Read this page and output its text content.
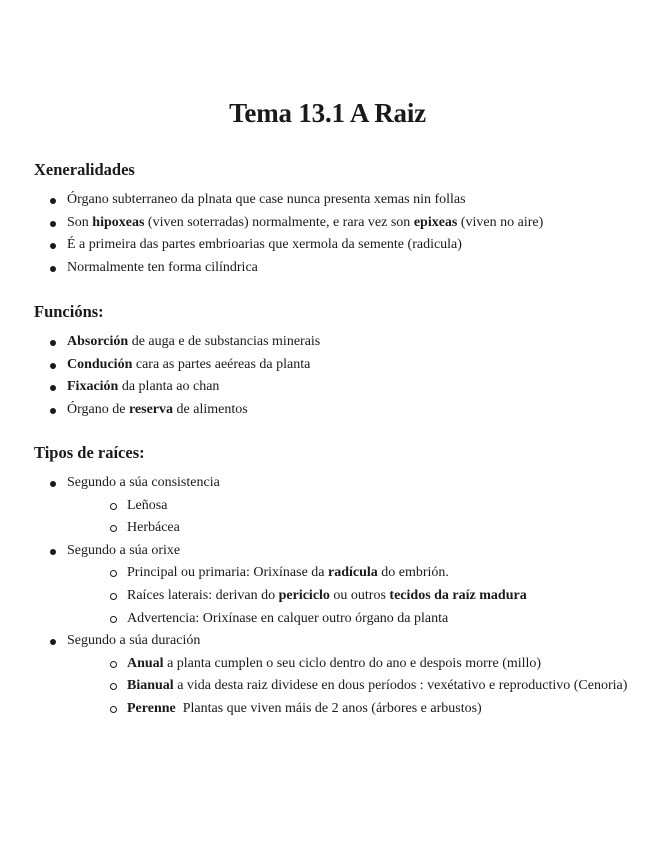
Tema 13.1 A Raiz
Xeneralidades
Órgano subterraneo da plnata que case nunca presenta xemas nin follas
Son hipoxeas (viven soterradas) normalmente, e rara vez son epixeas (viven no aire)
É a primeira das partes embrioarias que xermola da semente (radicula)
Normalmente ten forma cilíndrica
Funcións:
Absorción de auga e de substancias minerais
Condución cara as partes aeéreas da planta
Fixación da planta ao chan
Órgano de reserva de alimentos
Tipos de raíces:
Segundo a súa consistencia
Leñosa
Herbácea
Segundo a súa orixe
Principal ou primaria: Orixínase da radícula do embrión.
Raíces laterais: derivan do periciclo ou outros tecidos da raíz madura
Advertencia: Orixínase en calquer outro órgano da planta
Segundo a súa duración
Anual a planta cumplen o seu ciclo dentro do ano e despois morre (millo)
Bianual a vida desta raiz dividese en dous períodos : vexétativo e reproductivo (Cenoria)
Perenne  Plantas que viven máis de 2 anos (árbores e arbustos)
